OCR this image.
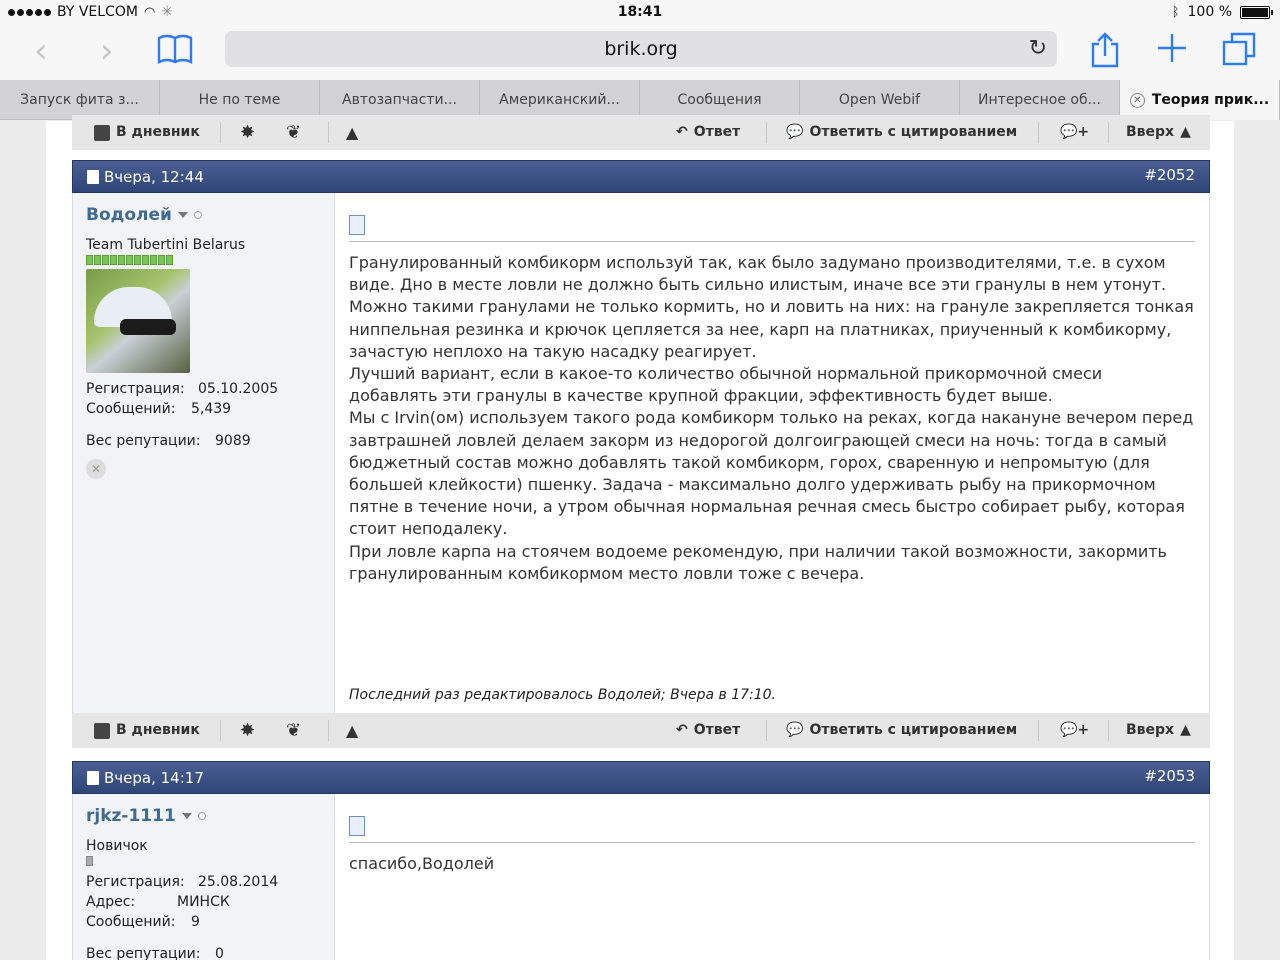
BY VELCOM ◠ ✳	18:41	ᛒ 100 %
‹ ›	brik.org	↻
Запуск фита з...	Не по теме	Автозапчасти...	Американский...	Сообщения	Open Webif	Интересное об...	✕ Теория прик...
В дневник ✸ ❦	▲	↶ Ответ	💬 Ответить с цитированием	💬+	Вверх ▲
Вчера, 12:44	#2052
Водолей
Team Tubertini Belarus
Регистрация: 05.10.2005
Сообщений:	5,439
Вес репутации:	9089
✕
Гранулированный комбикорм используй так, как было задумано производителями, т.е. в сухом виде. Дно в месте ловли не должно быть сильно илистым, иначе все эти гранулы в нем утонут. Можно такими гранулами не только кормить, но и ловить на них: на грануле закрепляется тонкая ниппельная резинка и крючок цепляется за нее, карп на платниках, приученный к комбикорму, зачастую неплохо на такую насадку реагирует.
Лучший вариант, если в какое-то количество обычной нормальной прикормочной смеси добавлять эти гранулы в качестве крупной фракции, эффективность будет выше.
Мы с Irvin(ом) используем такого рода комбикорм только на реках, когда накануне вечером перед завтрашней ловлей делаем закорм из недорогой долгоиграющей смеси на ночь: тогда в самый бюджетный состав можно добавлять такой комбикорм, горох, сваренную и непромытую (для большей клейкости) пшенку. Задача - максимально долго удерживать рыбу на прикормочном пятне в течение ночи, а утром обычная нормальная речная смесь быстро собирает рыбу, которая стоит неподалеку.
При ловле карпа на стоячем водоеме рекомендую, при наличии такой возможности, закормить гранулированным комбикормом место ловли тоже с вечера.
Последний раз редактировалось Водолей; Вчера в 17:10.
В дневник ✸ ❦	▲	↶ Ответ	💬 Ответить с цитированием	💬+	Вверх ▲
Вчера, 14:17	#2053
rjkz-1111
Новичок
Регистрация: 25.08.2014
Адрес:	МИНСК
Сообщений:	9
Вес репутации:	0
спасибо,Водолей
